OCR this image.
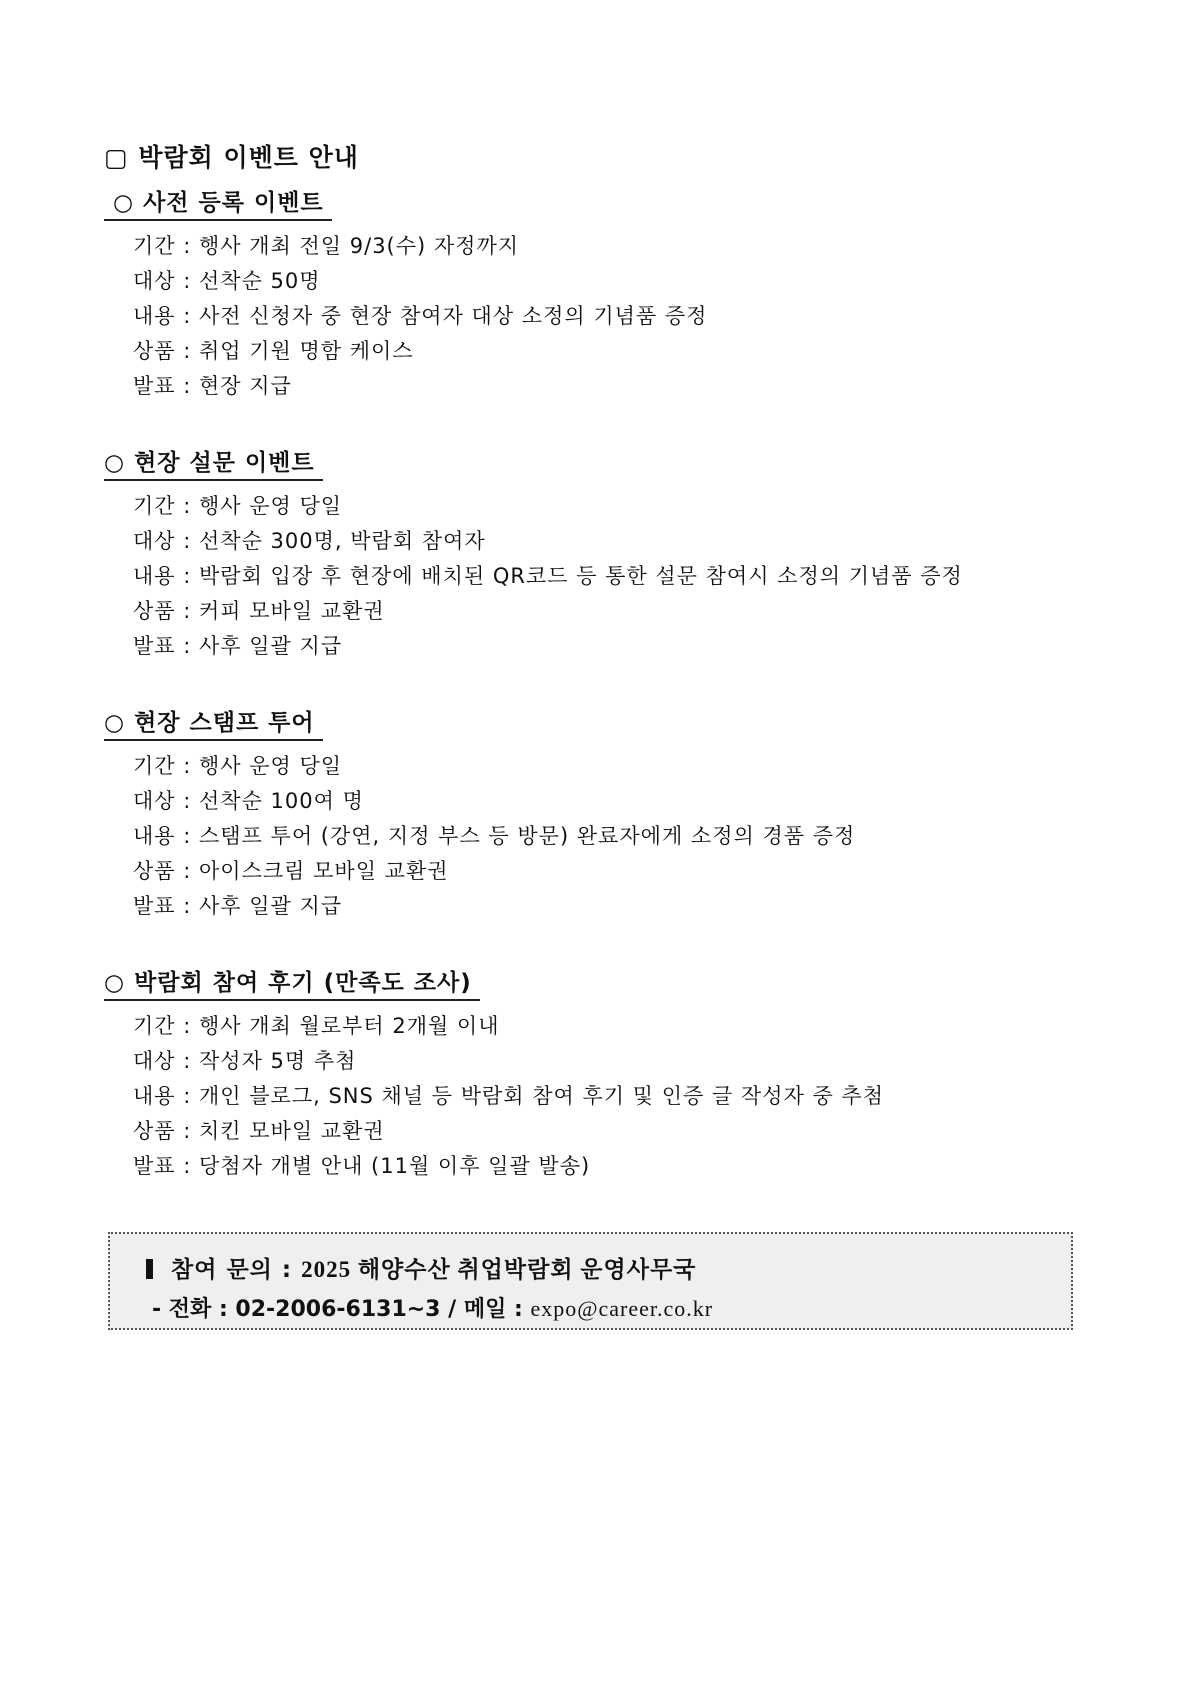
▢ 박람회 이벤트 안내
○ 사전 등록 이벤트
기간 : 행사 개최 전일 9/3(수) 자정까지
대상 : 선착순 50명
내용 : 사전 신청자 중 현장 참여자 대상 소정의 기념품 증정
상품 : 취업 기원 명함 케이스
발표 : 현장 지급
○ 현장 설문 이벤트
기간 : 행사 운영 당일
대상 : 선착순 300명, 박람회 참여자
내용 : 박람회 입장 후 현장에 배치된 QR코드 등 통한 설문 참여시 소정의 기념품 증정
상품 : 커피 모바일 교환권
발표 : 사후 일괄 지급
○ 현장 스탬프 투어
기간 : 행사 운영 당일
대상 : 선착순 100여 명
내용 : 스탬프 투어 (강연, 지정 부스 등 방문) 완료자에게 소정의 경품 증정
상품 : 아이스크림 모바일 교환권
발표 : 사후 일괄 지급
○ 박람회 참여 후기 (만족도 조사)
기간 : 행사 개최 월로부터 2개월 이내
대상 : 작성자 5명 추첨
내용 : 개인 블로그, SNS 채널 등 박람회 참여 후기 및 인증 글 작성자 중 추첨
상품 : 치킨 모바일 교환권
발표 : 당첨자 개별 안내 (11월 이후 일괄 발송)
참여 문의 : 2025 해양수산 취업박람회 운영사무국
- 전화 : 02-2006-6131~3 / 메일 : expo@career.co.kr
